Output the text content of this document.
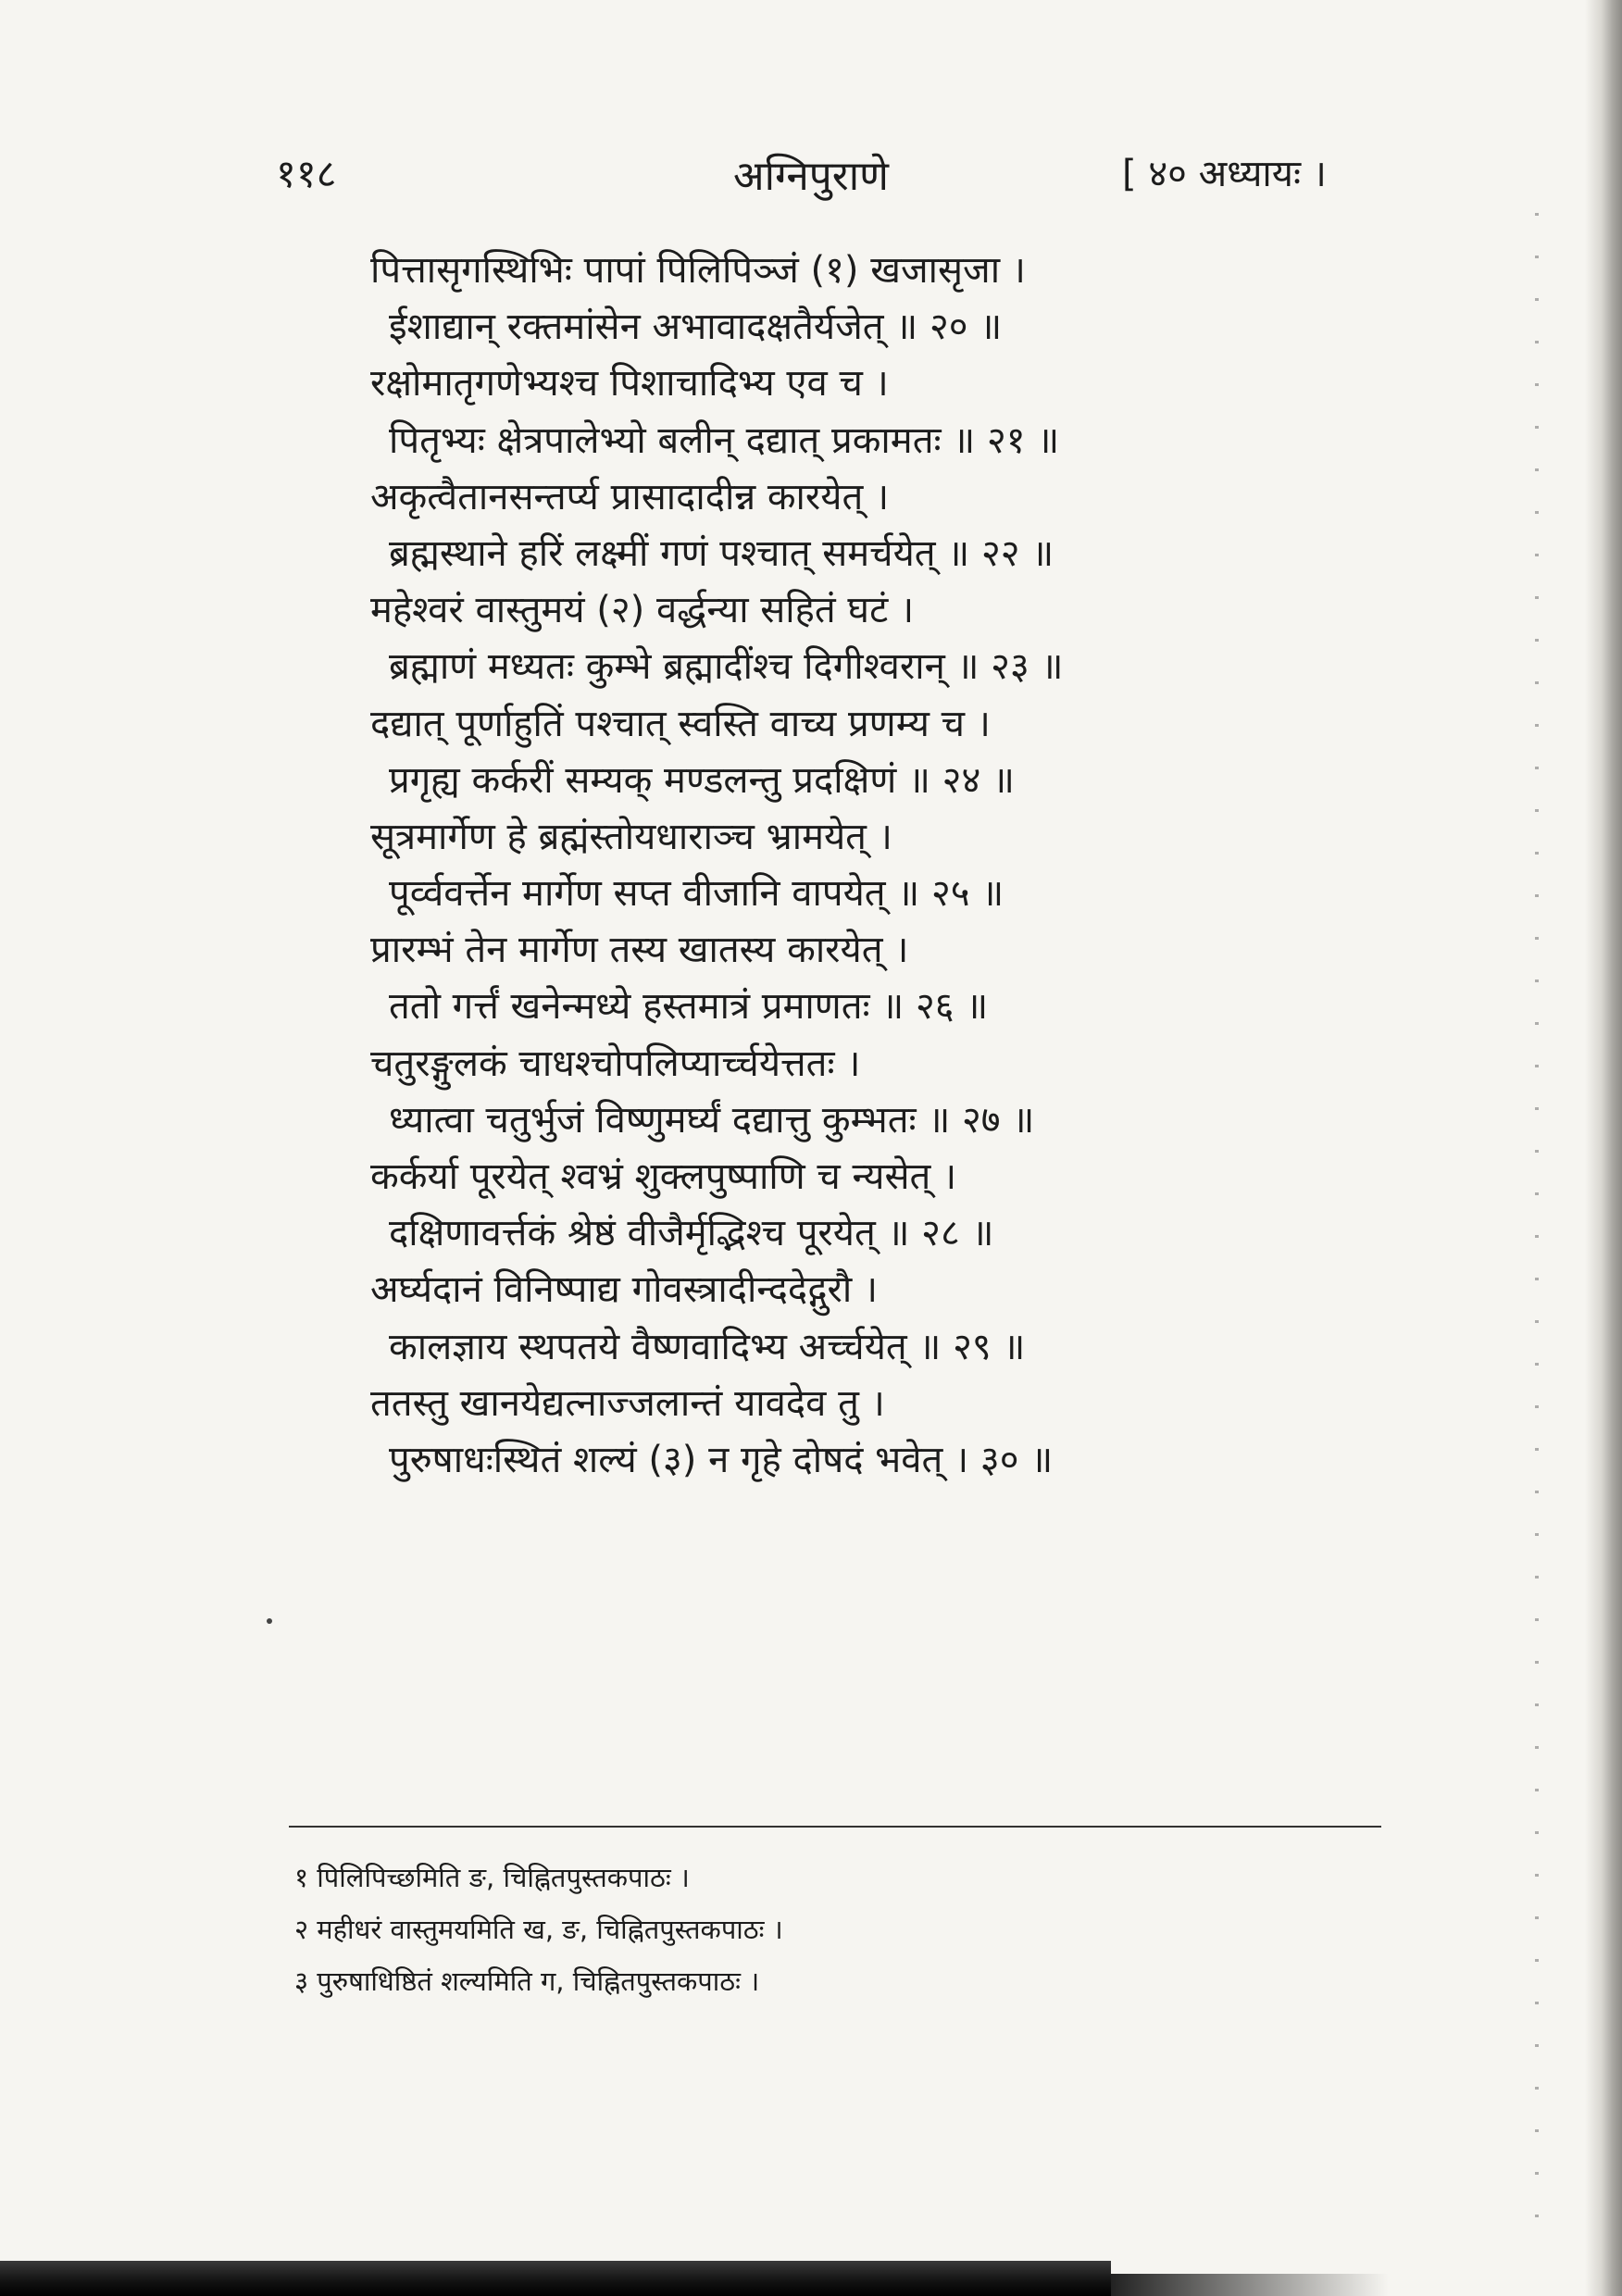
११८	अग्निपुराणे	[ ४० अध्यायः ।
पित्तासृगस्थिभिः पापां पिलिपिञ्जं (१) खजासृजा ।
ईशाद्यान् रक्तमांसेन अभावादक्षतैर्यजेत् ॥ २० ॥
रक्षोमातृगणेभ्यश्च पिशाचादिभ्य एव च ।
पितृभ्यः क्षेत्रपालेभ्यो बलीन् दद्यात् प्रकामतः ॥ २१ ॥
अकृत्वैतानसन्तर्प्य प्रासादादीन्न कारयेत् ।
ब्रह्मस्थाने हरिं लक्ष्मीं गणं पश्चात् समर्चयेत् ॥ २२ ॥
महेश्वरं वास्तुमयं (२) वर्द्धन्या सहितं घटं ।
ब्रह्माणं मध्यतः कुम्भे ब्रह्मादींश्च दिगीश्वरान् ॥ २३ ॥
दद्यात् पूर्णाहुतिं पश्चात् स्वस्ति वाच्य प्रणम्य च ।
प्रगृह्य कर्करीं सम्यक् मण्डलन्तु प्रदक्षिणं ॥ २४ ॥
सूत्रमार्गेण हे ब्रह्मंस्तोयधाराञ्च भ्रामयेत् ।
पूर्व्ववर्त्तेन मार्गेण सप्त वीजानि वापयेत् ॥ २५ ॥
प्रारम्भं तेन मार्गेण तस्य खातस्य कारयेत् ।
ततो गर्त्तं खनेन्मध्ये हस्तमात्रं प्रमाणतः ॥ २६ ॥
चतुरङ्गुलकं चाधश्चोपलिप्यार्च्चयेत्ततः ।
ध्यात्वा चतुर्भुजं विष्णुमर्घ्यं दद्यात्तु कुम्भतः ॥ २७ ॥
कर्कर्या पूरयेत् श्वभ्रं शुक्लपुष्पाणि च न्यसेत् ।
दक्षिणावर्त्तकं श्रेष्ठं वीजैर्मृद्भिश्च पूरयेत् ॥ २८ ॥
अर्घ्यदानं विनिष्पाद्य गोवस्त्रादीन्ददेद्गुरौ ।
कालज्ञाय स्थपतये वैष्णवादिभ्य अर्च्चयेत् ॥ २९ ॥
ततस्तु खानयेद्यत्नाज्जलान्तं यावदेव तु ।
पुरुषाधःस्थितं शल्यं (३) न गृहे दोषदं भवेत् । ३० ॥
१ पिलिपिच्छमिति ङ, चिह्नितपुस्तकपाठः ।
२ महीधरं वास्तुमयमिति ख, ङ, चिह्नितपुस्तकपाठः ।
३ पुरुषाधिष्ठितं शल्यमिति ग, चिह्नितपुस्तकपाठः ।
